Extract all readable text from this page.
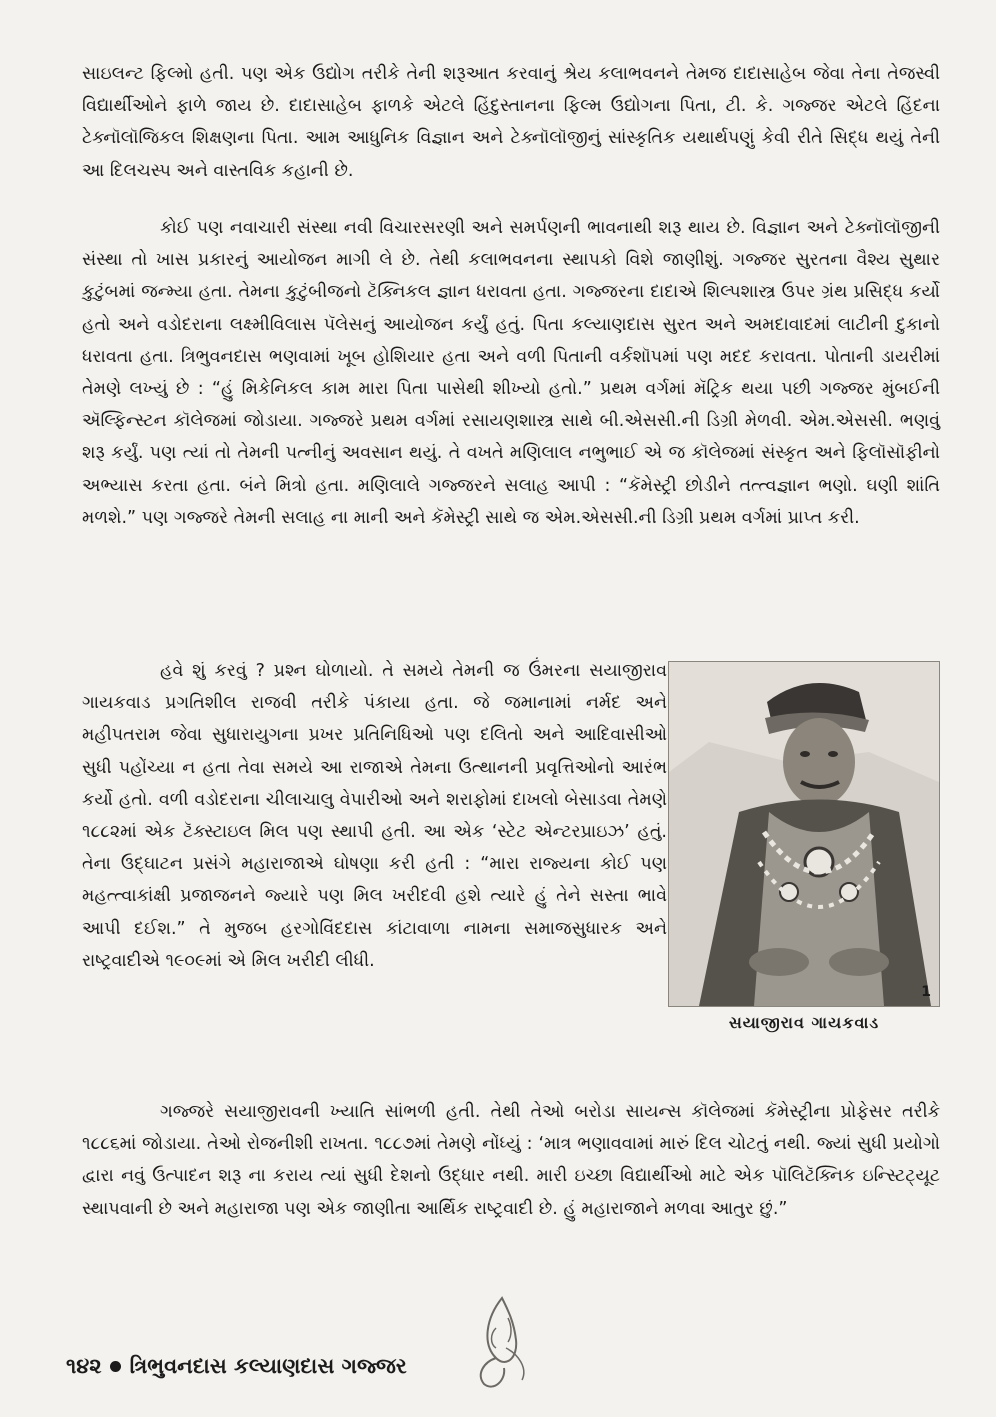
સાઇલન્ટ ફિલ્મો હતી. પણ એક ઉદ્યોગ તરીકે તેની શરૂઆત કરવાનું શ્રેય કલાભવનને તેમજ દાદાસાહેબ જેવા તેના તેજસ્વી વિદ્યાર્થીઓને ફાળે જાય છે. દાદાસાહેબ ફાળકે એટલે હિંદુસ્તાનના ફિલ્મ ઉદ્યોગના પિતા, ટી. કે. ગજ્જર એટલે હિંદના ટેક્નૉલૉજિકલ શિક્ષણના પિતા. આમ આધુનિક વિજ્ઞાન અને ટેક્નૉલૉજીનું સાંસ્કૃતિક યથાર્થપણું કેવી રીતે સિદ્ધ થયું તેની આ દિલચસ્પ અને વાસ્તવિક કહાની છે.

કોઈ પણ નવાચારી સંસ્થા નવી વિચારસરણી અને સમર્પણની ભાવનાથી શરૂ થાય છે. વિજ્ઞાન અને ટેક્નૉલૉજીની સંસ્થા તો ખાસ પ્રકારનું આયોજન માગી લે છે. તેથી કલાભવનના સ્થાપકો વિશે જાણીશું. ગજ્જર સુરતના વૈશ્ય સુથાર કુટુંબમાં જન્મ્યા હતા. તેમના કુટુંબીજનો ટૅક્નિકલ જ્ઞાન ધરાવતા હતા. ગજ્જરના દાદાએ શિલ્પશાસ્ત્ર ઉપર ગ્રંથ પ્રસિદ્ધ કર્યો હતો અને વડોદરાના લક્ષ્મીવિલાસ પૅલેસનું આયોજન કર્યું હતું. પિતા કલ્યાણદાસ સુરત અને અમદાવાદમાં લાટીની દુકાનો ધરાવતા હતા. ત્રિભુવનદાસ ભણવામાં ખૂબ હોશિયાર હતા અને વળી પિતાની વર્કશૉપમાં પણ મદદ કરાવતા. પોતાની ડાયરીમાં તેમણે લખ્યું છે : “હું મિકેનિકલ કામ મારા પિતા પાસેથી શીખ્યો હતો.” પ્રથમ વર્ગમાં મૅટ્રિક થયા પછી ગજ્જર મુંબઈની ઍલ્ફિન્સ્ટન કૉલેજમાં જોડાયા. ગજ્જરે પ્રથમ વર્ગમાં રસાયણશાસ્ત્ર સાથે બી.એસસી.ની ડિગ્રી મેળવી. એમ.એસસી. ભણવું શરૂ કર્યું. પણ ત્યાં તો તેમની પત્નીનું અવસાન થયું. તે વખતે મણિલાલ નભુભાઈ એ જ કૉલેજમાં સંસ્કૃત અને ફિલૉસૉફીનો અભ્યાસ કરતા હતા. બંને મિત્રો હતા. મણિલાલે ગજ્જરને સલાહ આપી : “કૅમેસ્ટ્રી છોડીને તત્ત્વજ્ઞાન ભણો. ઘણી શાંતિ મળશે.” પણ ગજ્જરે તેમની સલાહ ના માની અને કૅમેસ્ટ્રી સાથે જ એમ.એસસી.ની ડિગ્રી પ્રથમ વર્ગમાં પ્રાપ્ત કરી.

હવે શું કરવું ? પ્રશ્ન ઘોળાયો. તે સમયે તેમની જ ઉંમરના સયાજીરાવ ગાયકવાડ પ્રગતિશીલ રાજવી તરીકે પંકાયા હતા. જે જમાનામાં નર્મદ અને મહીપતરામ જેવા સુધારાયુગના પ્રખર પ્રતિનિધિઓ પણ દલિતો અને આદિવાસીઓ સુધી પહોંચ્યા ન હતા તેવા સમયે આ રાજાએ તેમના ઉત્થાનની પ્રવૃત્તિઓનો આરંભ કર્યો હતો. વળી વડોદરાના ચીલાચાલુ વેપારીઓ અને શરાફોમાં દાખલો બેસાડવા તેમણે ૧૮૮૨માં એક ટૅક્સ્ટાઇલ મિલ પણ સ્થાપી હતી. આ એક ‘સ્ટેટ એન્ટરપ્રાઇઝ’ હતું. તેના ઉદ્‌ઘાટન પ્રસંગે મહારાજાએ ઘોષણા કરી હતી : “મારા રાજ્યના કોઈ પણ મહત્ત્વાકાંક્ષી પ્રજાજનને જ્યારે પણ મિલ ખરીદવી હશે ત્યારે હું તેને સસ્તા ભાવે આપી દઈશ.” તે મુજબ હરગોવિંદદાસ કાંટાવાળા નામના સમાજસુધારક અને રાષ્ટ્રવાદીએ ૧૯૦૯માં એ મિલ ખરીદી લીધી.

1
સયાજીરાવ ગાયકવાડ

ગજ્જરે સયાજીરાવની ખ્યાતિ સાંભળી હતી. તેથી તેઓ બરોડા સાયન્સ કૉલેજમાં કૅમેસ્ટ્રીના પ્રોફેસર તરીકે ૧૮૮૬માં જોડાયા. તેઓ રોજનીશી રાખતા. ૧૮૮૭માં તેમણે નોંધ્યું : ‘માત્ર ભણાવવામાં મારું દિલ ચોટતું નથી. જ્યાં સુધી પ્રયોગો દ્વારા નવું ઉત્પાદન શરૂ ના કરાય ત્યાં સુધી દેશનો ઉદ્ધાર નથી. મારી ઇચ્છા વિદ્યાર્થીઓ માટે એક પૉલિટૅક્નિક ઇન્સ્ટિટ્યૂટ સ્થાપવાની છે અને મહારાજા પણ એક જાણીતા આર્થિક રાષ્ટ્રવાદી છે. હું મહારાજાને મળવા આતુર છું.”

૧૪૨ ત્રિભુવનદાસ કલ્યાણદાસ ગજ્જર
